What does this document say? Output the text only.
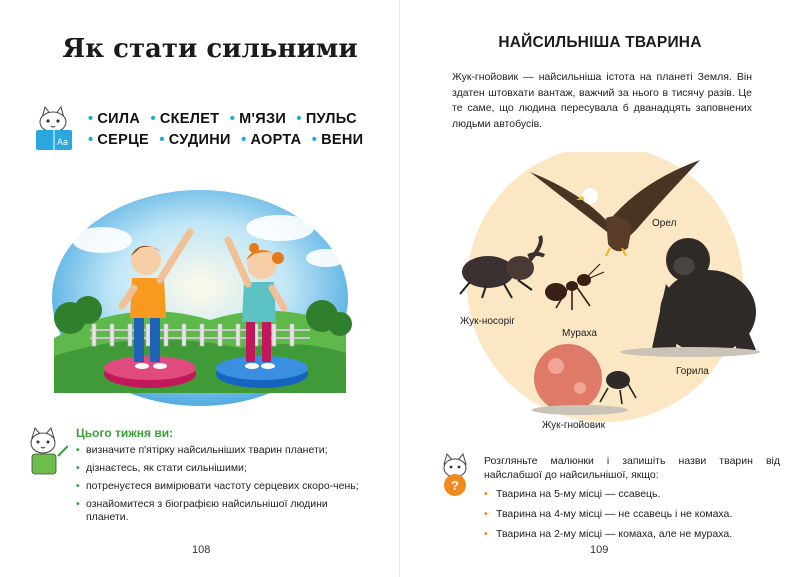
Як стати сильними
Aa
• СИЛА • СКЕЛЕТ • М'ЯЗИ • ПУЛЬС
• СЕРЦЕ • СУДИНИ • АОРТА • ВЕНИ
Цього тижня ви:
• визначите п'ятірку найсильніших тварин планети;
• дізнаєтесь, як стати сильнішими;
• потренуєтеся вимірювати частоту серцевих скоро-чень;
• ознайомитеся з біографією найсильнішої людини планети.
108
НАЙСИЛЬНІША ТВАРИНА
Жук-гнойовик — найсильніша істота на планеті Земля. Він здатен штовхати вантаж, важчий за нього в тисячу разів. Це те саме, що людина пересувала б дванадцять заповнених людьми автобусів.
Орел
Жук-носоріг
Мураха
Горила
Жук-гнойовик
?
Розгляньте малюнки і запишіть назви тварин від найслабшої до найсильнішої, якщо:
• Тварина на 5-му місці — ссавець.
• Тварина на 4-му місці — не ссавець і не комаха.
• Тварина на 2-му місці — комаха, але не мураха.
109
